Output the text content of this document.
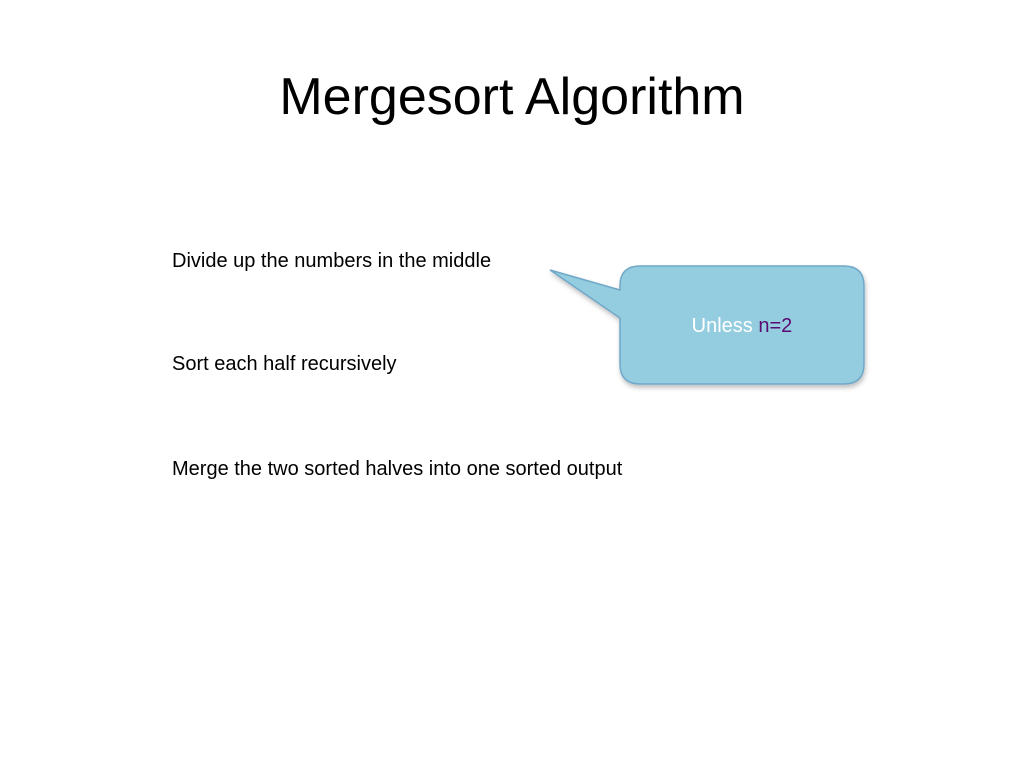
Mergesort Algorithm
Divide up the numbers in the middle
Sort each half recursively
Merge the two sorted halves into one sorted output
Unless n=2
